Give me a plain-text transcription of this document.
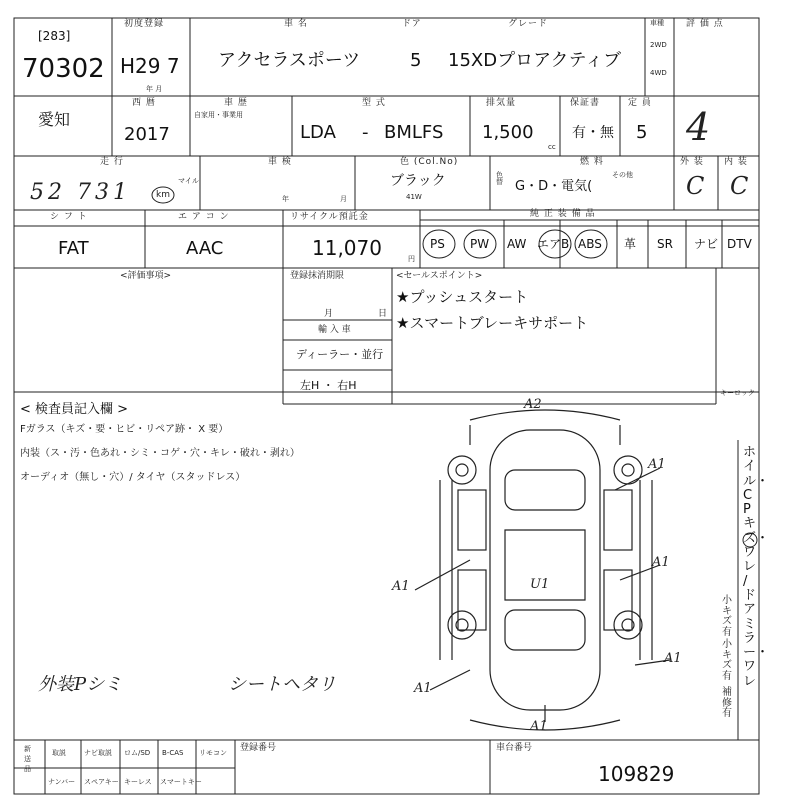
[283]
70302
初度登録
H29 7
年 月
車 名	ドア	グレード
アクセラスポーツ	5 15XDプロアクティブ
車種
2WD
4WD
評 価 点
4
愛知
西 暦
2017
車 歴
自家用・事業用
型 式
LDA - BMLFS
排気量
1,500
cc
保証書
有・無
定 員
5
走 行
52 731	マイル
km
車 検
年	月
色 (Col.No)
ブラック
41W
色替
燃 料
G・D・電気(
その他
外 装
C
内 装
C
シ フ ト
FAT
エ ア コ ン
AAC
リサイクル預託金
11,070	円
純 正 装 備 品
PS PW AW エアB ABS 革 SR ナビ DTV
<評価事項>	登録抹消期限
月	日
輸 入 車
ディーラー・並行
左H ・ 右H
<セールスポイント>
★プッシュスタート
★スマートブレーキサポート
< 検査員記入欄 >
Fガラス（キズ・要・ヒビ・リペア跡・ X 要）
内装（ス・汚・色あれ・シミ・コゲ・穴・キレ・破れ・剥れ）
オーディオ（無し・穴）/ タイヤ（スタッドレス）
外装Pシミ	シートヘタリ
キーロック
ホイル・CPキズ・ワレ / ドアミラー・ワレ
小キズ有
小キズ有
補修有
A2
A1
A1	U1
A1
A1
A1
A1
新 送 品
取説	ナビ取説 ロム/SD B-CAS リモコン
ナンバー スペアキー キーレス スマートキー
登録番号	車台番号
109829
